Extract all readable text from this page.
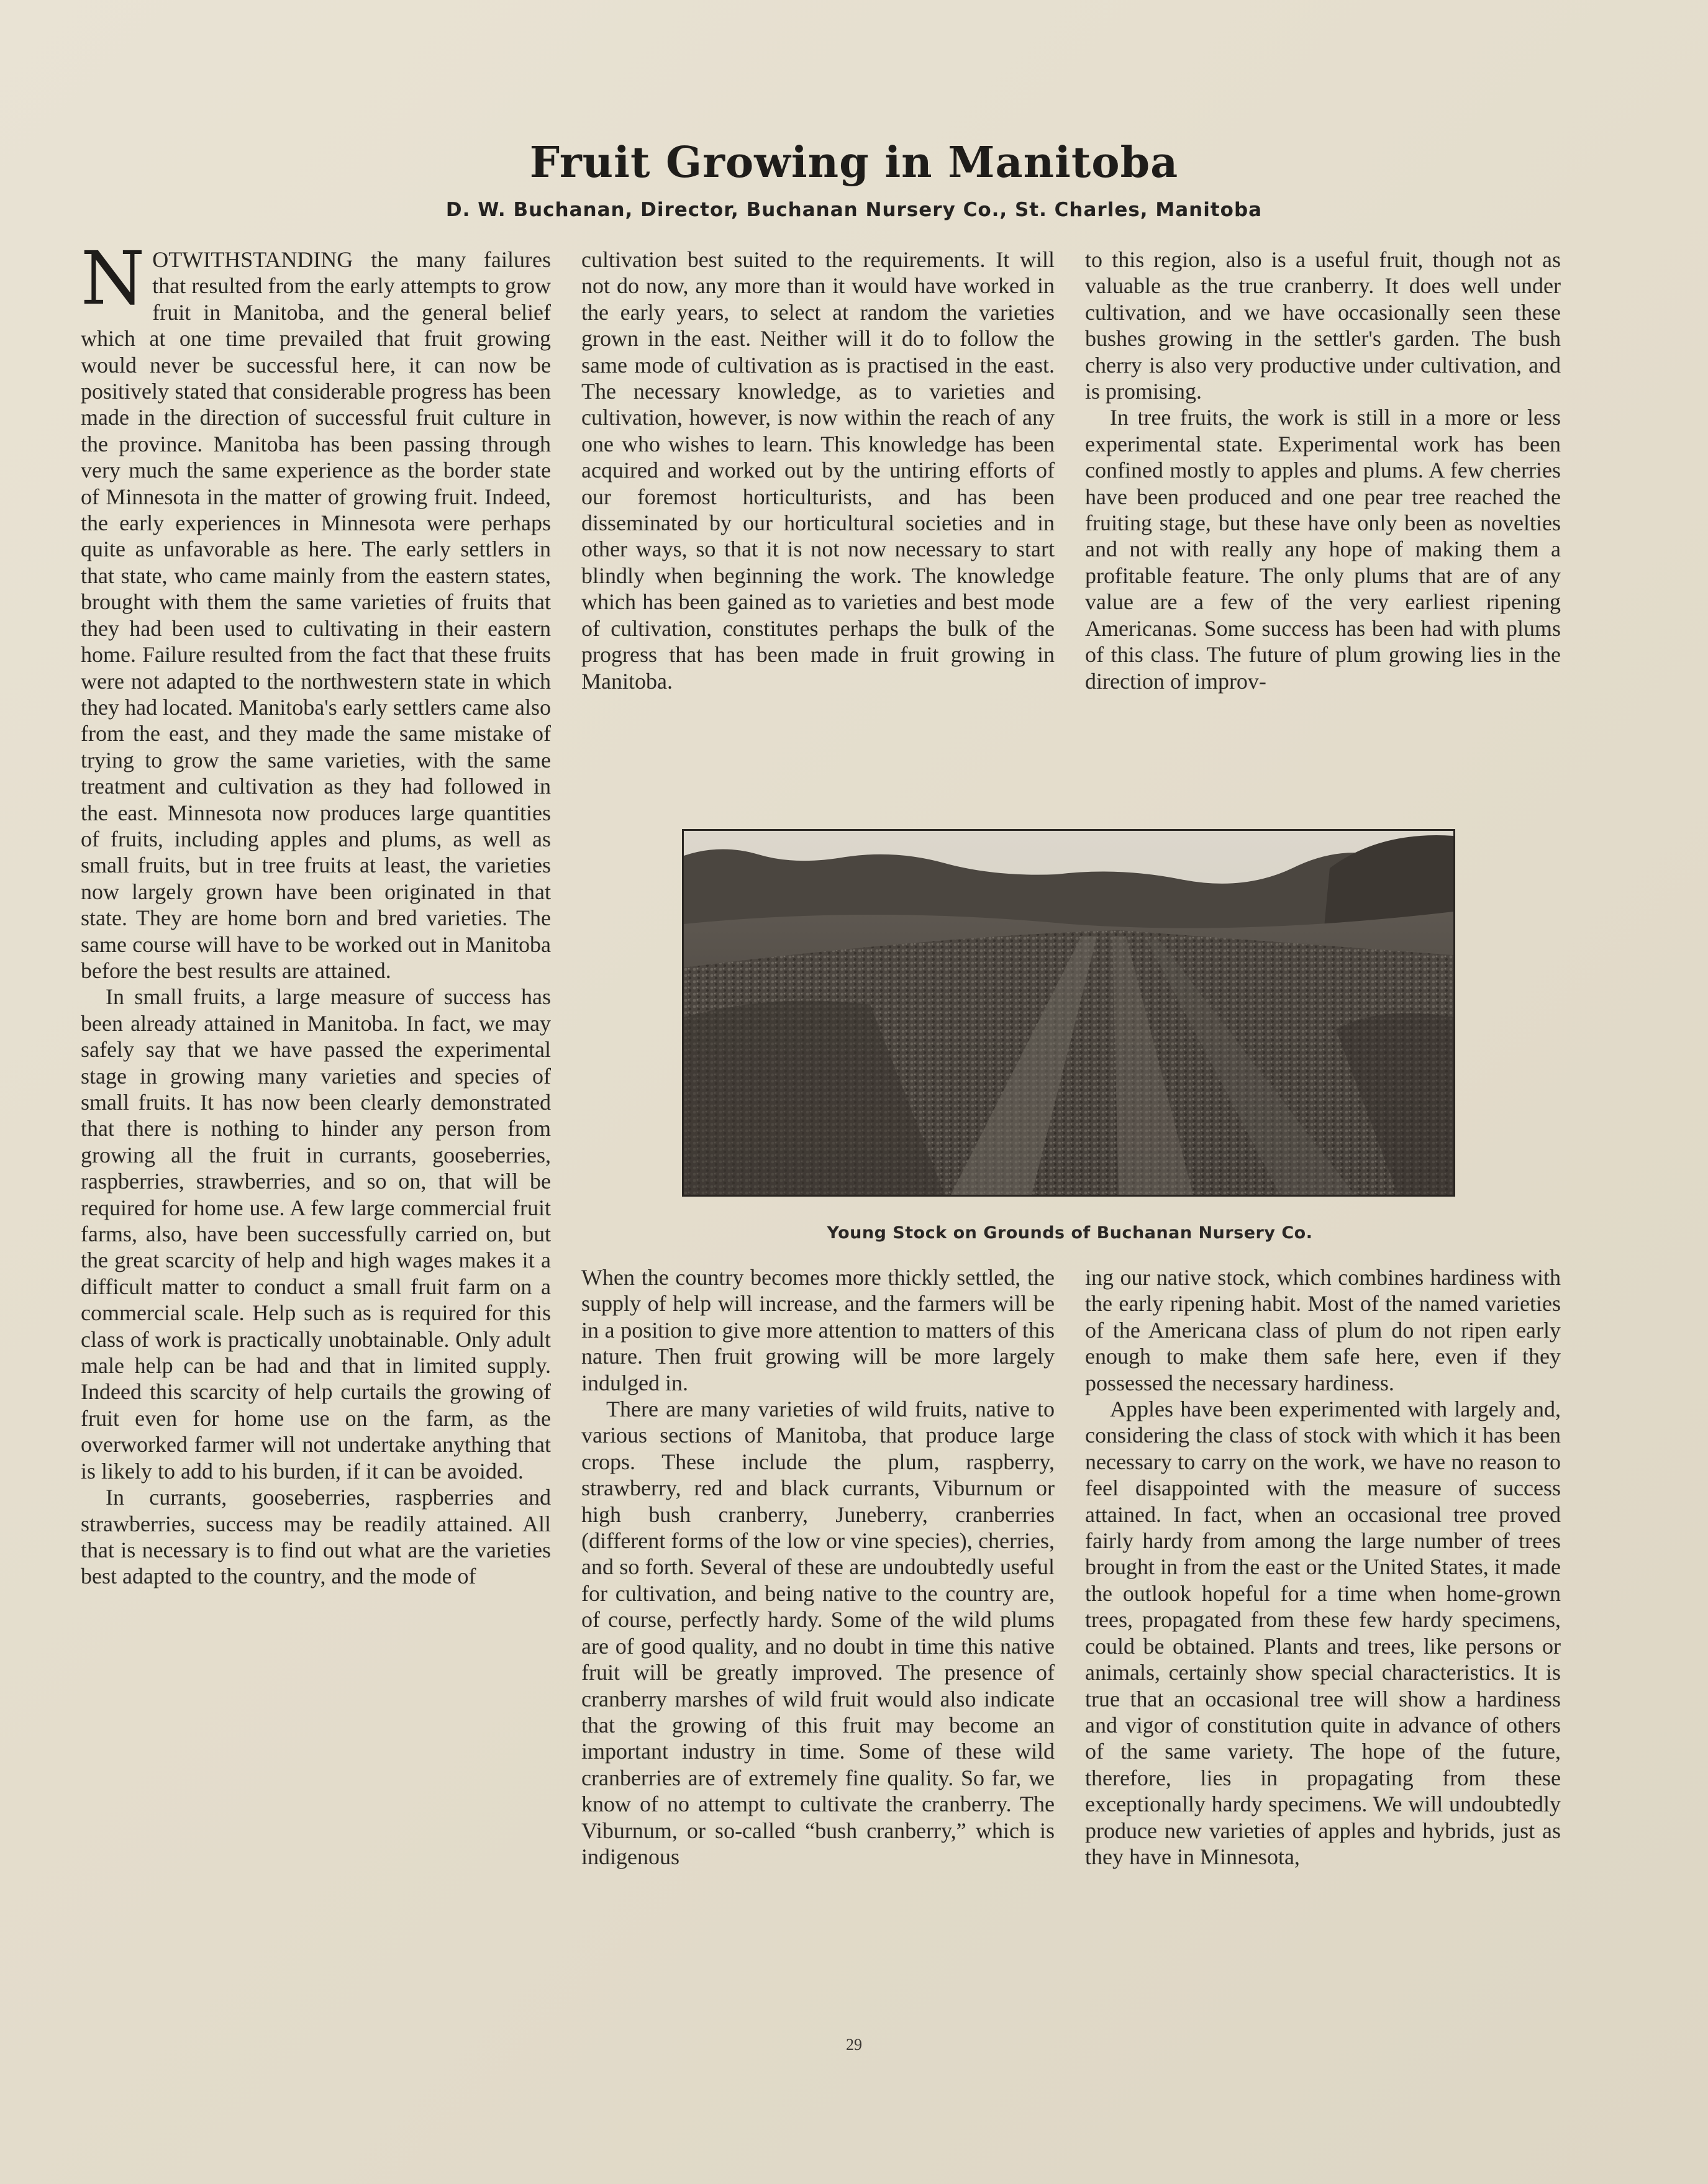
Fruit Growing in Manitoba
D. W. Buchanan, Director, Buchanan Nursery Co., St. Charles, Manitoba

NOTWITHSTANDING the many failures that resulted from the early attempts to grow fruit in Manitoba, and the general belief which at one time prevailed that fruit growing would never be successful here, it can now be positively stated that considerable progress has been made in the direction of successful fruit culture in the province. Manitoba has been passing through very much the same experience as the border state of Minnesota in the matter of growing fruit. Indeed, the early experiences in Minnesota were perhaps quite as unfavorable as here. The early settlers in that state, who came mainly from the eastern states, brought with them the same varieties of fruits that they had been used to cultivating in their eastern home. Failure resulted from the fact that these fruits were not adapted to the northwestern state in which they had located. Manitoba's early settlers came also from the east, and they made the same mistake of trying to grow the same varieties, with the same treatment and cultivation as they had followed in the east. Minnesota now produces large quantities of fruits, including apples and plums, as well as small fruits, but in tree fruits at least, the varieties now largely grown have been originated in that state. They are home born and bred varieties. The same course will have to be worked out in Manitoba before the best results are attained.

In small fruits, a large measure of success has been already attained in Manitoba. In fact, we may safely say that we have passed the experimental stage in growing many varieties and species of small fruits. It has now been clearly demonstrated that there is nothing to hinder any person from growing all the fruit in currants, gooseberries, raspberries, strawberries, and so on, that will be required for home use. A few large commercial fruit farms, also, have been successfully carried on, but the great scarcity of help and high wages makes it a difficult matter to conduct a small fruit farm on a commercial scale. Help such as is required for this class of work is practically unobtainable. Only adult male help can be had and that in limited supply. Indeed this scarcity of help curtails the growing of fruit even for home use on the farm, as the overworked farmer will not undertake anything that is likely to add to his burden, if it can be avoided.

In currants, gooseberries, raspberries and strawberries, success may be readily attained. All that is necessary is to find out what are the varieties best adapted to the country, and the mode of

cultivation best suited to the requirements. It will not do now, any more than it would have worked in the early years, to select at random the varieties grown in the east. Neither will it do to follow the same mode of cultivation as is practised in the east. The necessary knowledge, as to varieties and cultivation, however, is now within the reach of any one who wishes to learn. This knowledge has been acquired and worked out by the untiring efforts of our foremost horticulturists, and has been disseminated by our horticultural societies and in other ways, so that it is not now necessary to start blindly when beginning the work. The knowledge which has been gained as to varieties and best mode of cultivation, constitutes perhaps the bulk of the progress that has been made in fruit growing in Manitoba.

to this region, also is a useful fruit, though not as valuable as the true cranberry. It does well under cultivation, and we have occasionally seen these bushes growing in the settler's garden. The bush cherry is also very productive under cultivation, and is promising.

In tree fruits, the work is still in a more or less experimental state. Experimental work has been confined mostly to apples and plums. A few cherries have been produced and one pear tree reached the fruiting stage, but these have only been as novelties and not with really any hope of making them a profitable feature. The only plums that are of any value are a few of the very earliest ripening Americanas. Some success has been had with plums of this class. The future of plum growing lies in the direction of improv-

Young Stock on Grounds of Buchanan Nursery Co.

When the country becomes more thickly settled, the supply of help will increase, and the farmers will be in a position to give more attention to matters of this nature. Then fruit growing will be more largely indulged in.

There are many varieties of wild fruits, native to various sections of Manitoba, that produce large crops. These include the plum, raspberry, strawberry, red and black currants, Viburnum or high bush cranberry, Juneberry, cranberries (different forms of the low or vine species), cherries, and so forth. Several of these are undoubtedly useful for cultivation, and being native to the country are, of course, perfectly hardy. Some of the wild plums are of good quality, and no doubt in time this native fruit will be greatly improved. The presence of cranberry marshes of wild fruit would also indicate that the growing of this fruit may become an important industry in time. Some of these wild cranberries are of extremely fine quality. So far, we know of no attempt to cultivate the cranberry. The Viburnum, or so-called “bush cranberry,” which is indigenous

ing our native stock, which combines hardiness with the early ripening habit. Most of the named varieties of the Americana class of plum do not ripen early enough to make them safe here, even if they possessed the necessary hardiness.

Apples have been experimented with largely and, considering the class of stock with which it has been necessary to carry on the work, we have no reason to feel disappointed with the measure of success attained. In fact, when an occasional tree proved fairly hardy from among the large number of trees brought in from the east or the United States, it made the outlook hopeful for a time when home-grown trees, propagated from these few hardy specimens, could be obtained. Plants and trees, like persons or animals, certainly show special characteristics. It is true that an occasional tree will show a hardiness and vigor of constitution quite in advance of others of the same variety. The hope of the future, therefore, lies in propagating from these exceptionally hardy specimens. We will undoubtedly produce new varieties of apples and hybrids, just as they have in Minnesota,

29
